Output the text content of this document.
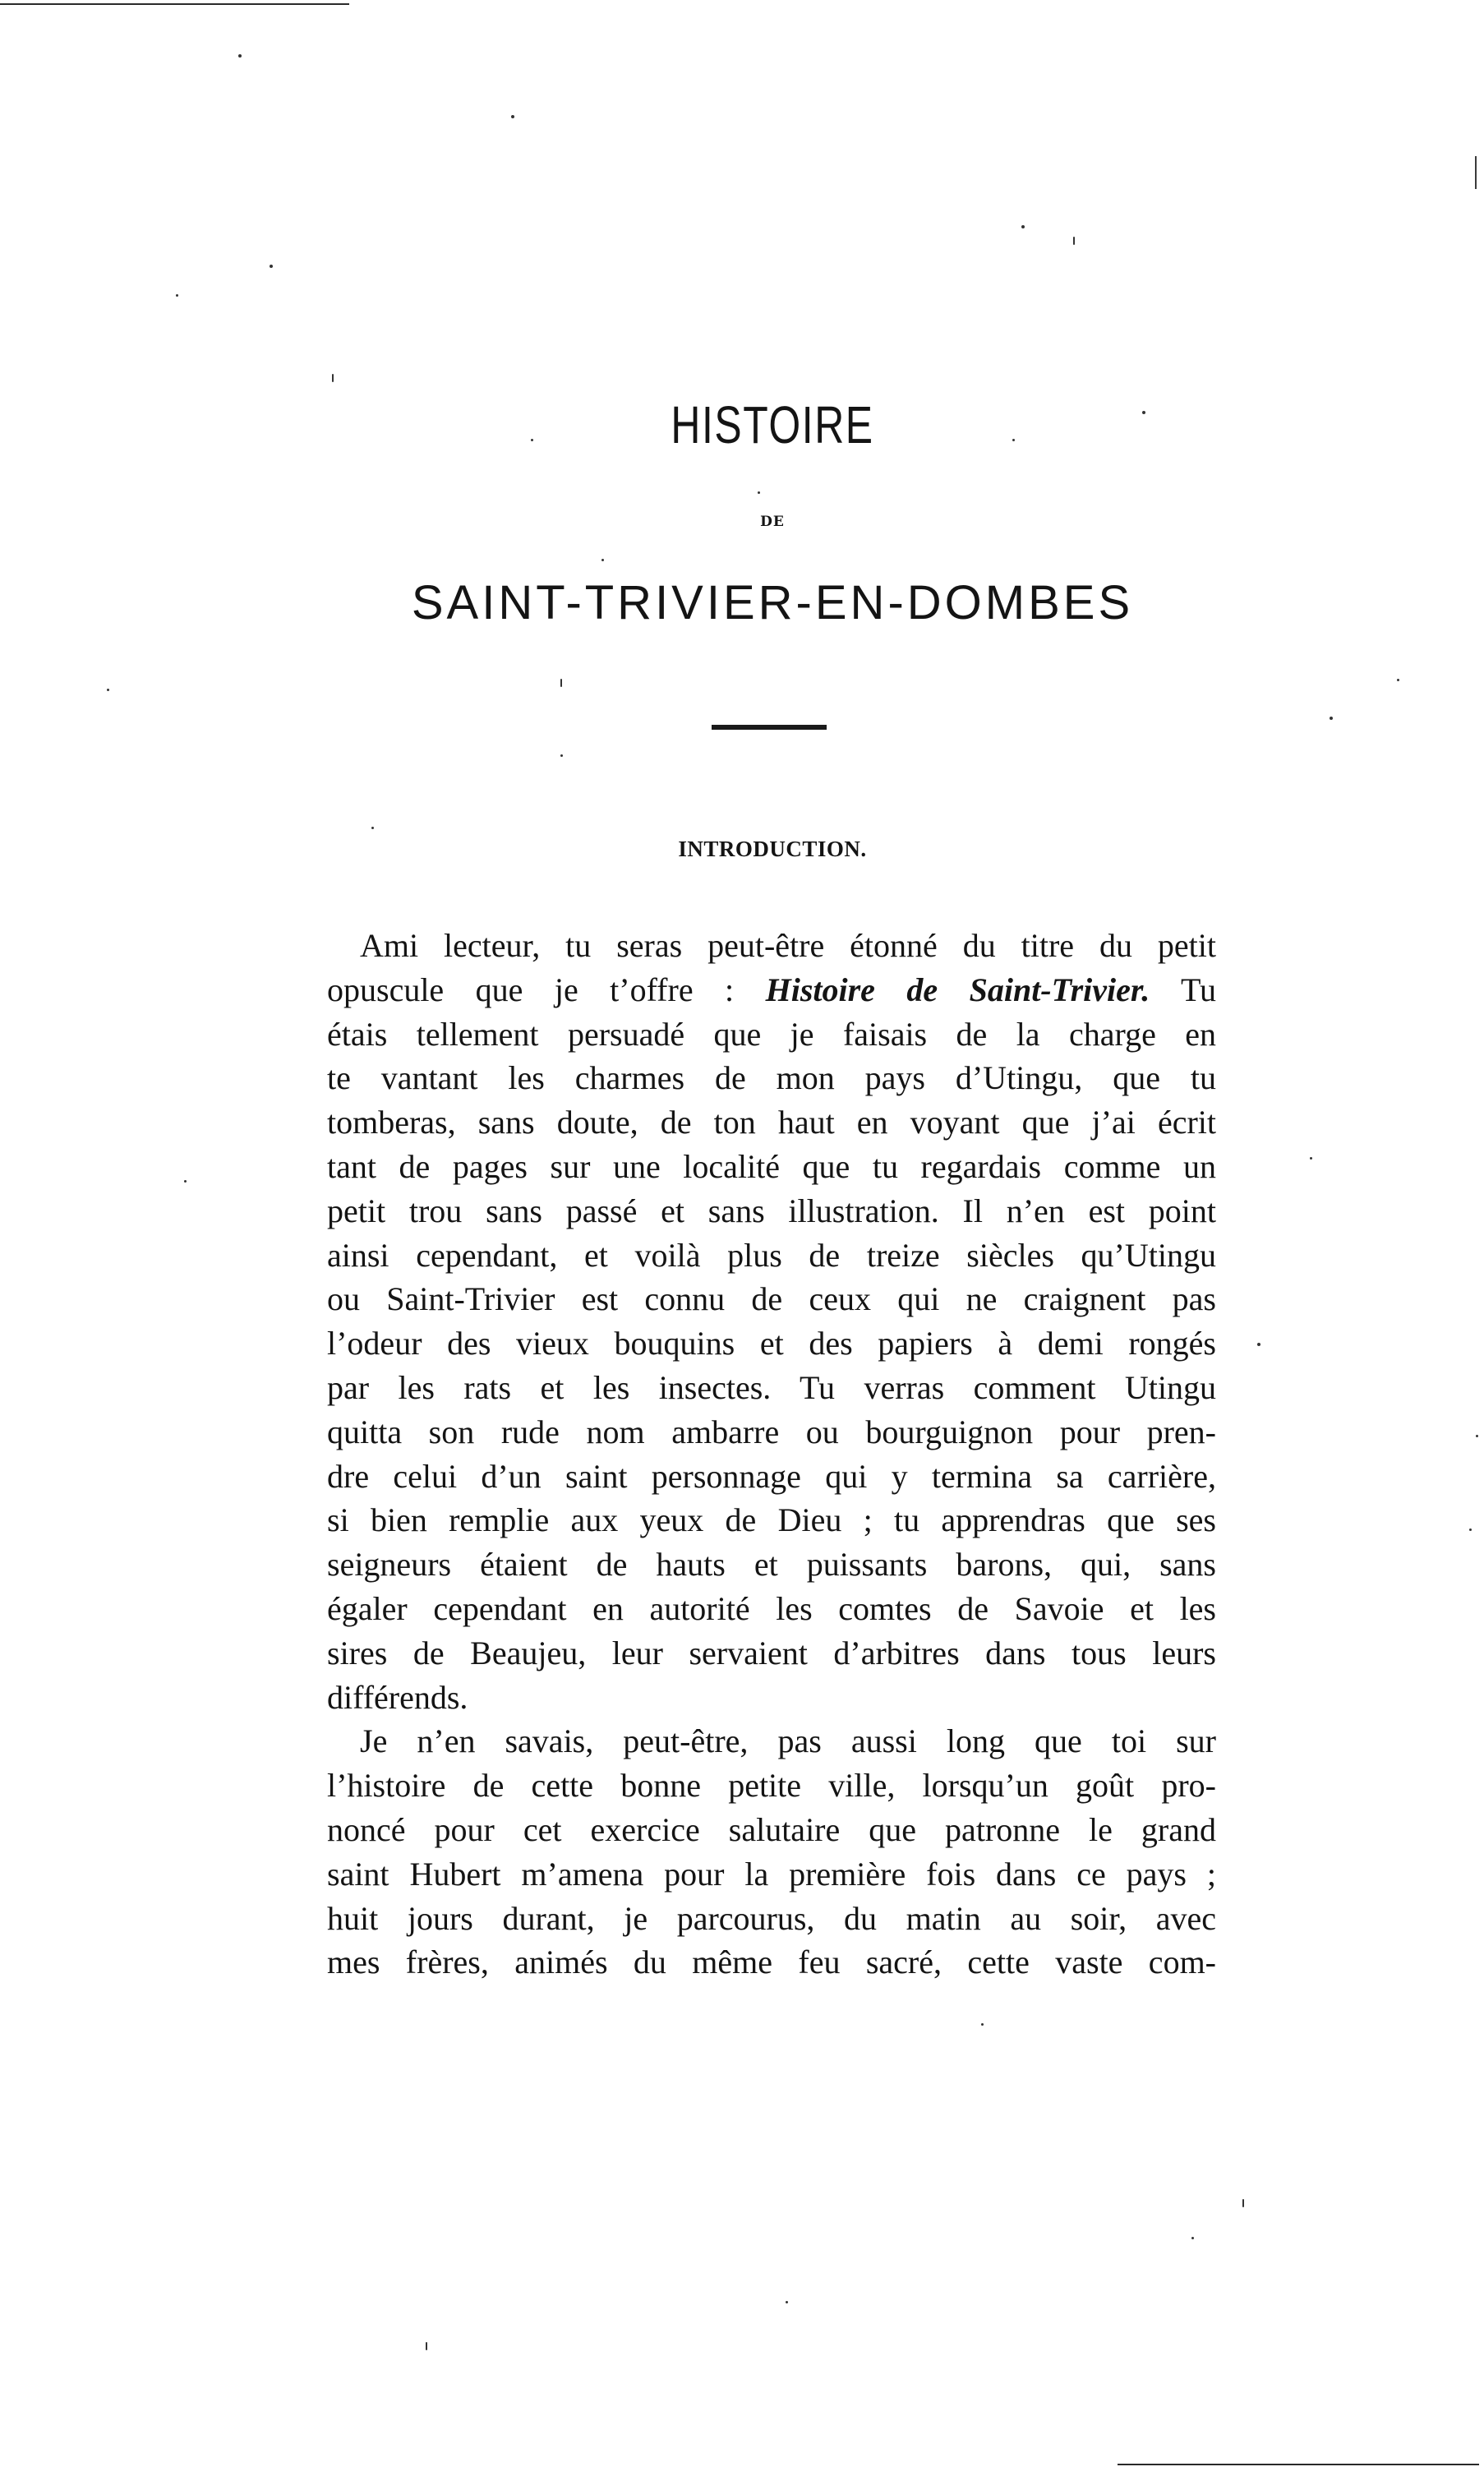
HISTOIRE
DE
SAINT-TRIVIER-EN-DOMBES
INTRODUCTION.
Ami lecteur, tu seras peut-être étonné du titre du petit
opuscule que je t’offre : Histoire de Saint-Trivier. Tu
étais tellement persuadé que je faisais de la charge en
te vantant les charmes de mon pays d’Utingu, que tu
tomberas, sans doute, de ton haut en voyant que j’ai écrit
tant de pages sur une localité que tu regardais comme un
petit trou sans passé et sans illustration. Il n’en est point
ainsi cependant, et voilà plus de treize siècles qu’Utingu
ou Saint-Trivier est connu de ceux qui ne craignent pas
l’odeur des vieux bouquins et des papiers à demi rongés
par les rats et les insectes. Tu verras comment Utingu
quitta son rude nom ambarre ou bourguignon pour pren-
dre celui d’un saint personnage qui y termina sa carrière,
si bien remplie aux yeux de Dieu ; tu apprendras que ses
seigneurs étaient de hauts et puissants barons, qui, sans
égaler cependant en autorité les comtes de Savoie et les
sires de Beaujeu, leur servaient d’arbitres dans tous leurs
différends.
Je n’en savais, peut-être, pas aussi long que toi sur
l’histoire de cette bonne petite ville, lorsqu’un goût pro-
noncé pour cet exercice salutaire que patronne le grand
saint Hubert m’amena pour la première fois dans ce pays ;
huit jours durant, je parcourus, du matin au soir, avec
mes frères, animés du même feu sacré, cette vaste com-
